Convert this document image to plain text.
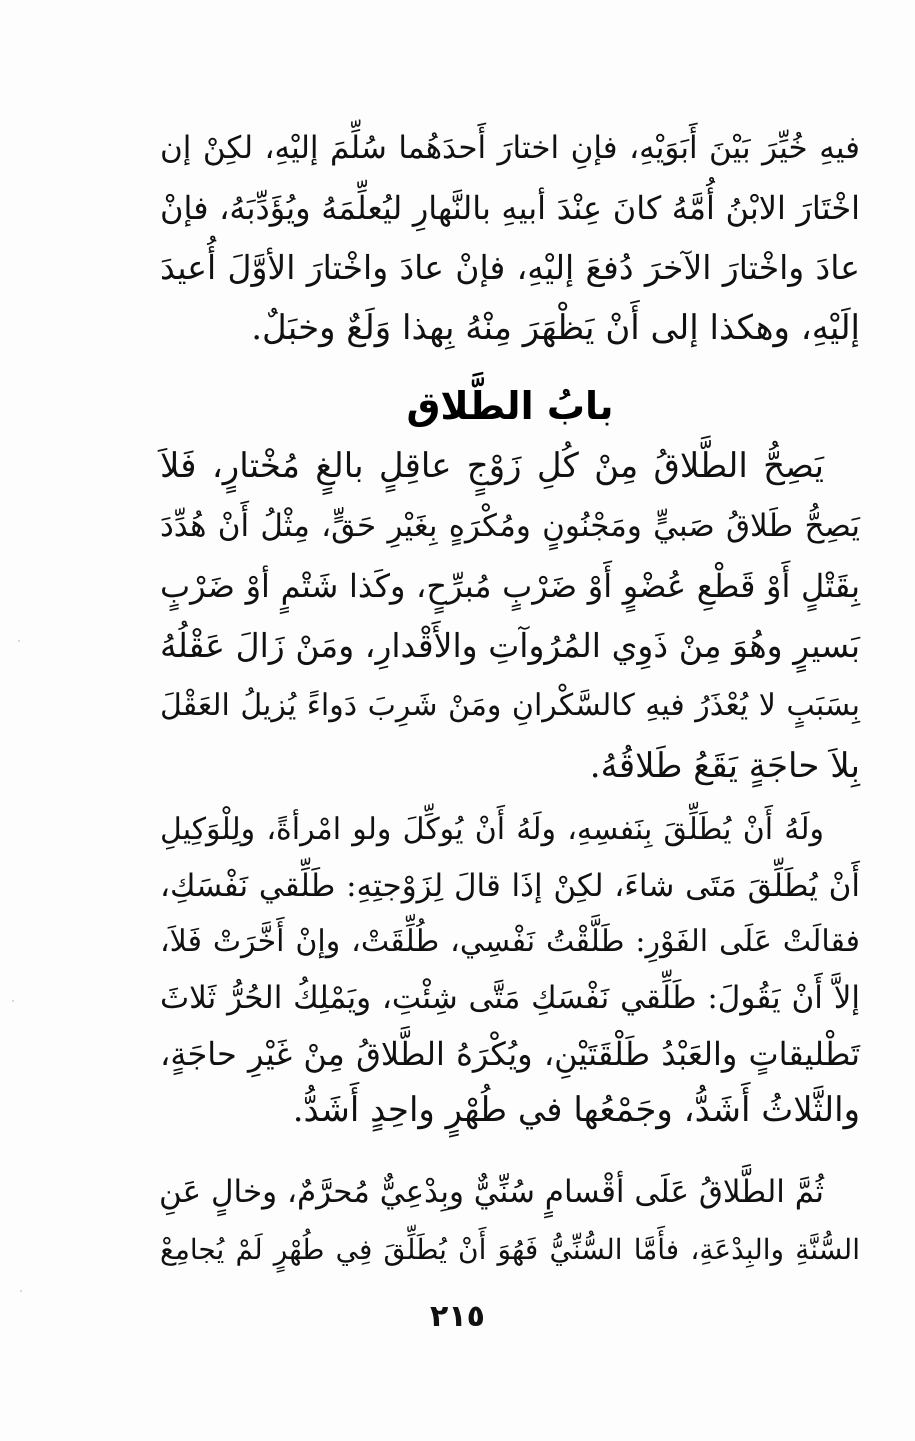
فيهِ خُيِّرَ بَيْنَ أَبَوَيْهِ، فإنِ اختارَ أَحدَهُما سُلِّمَ إليْهِ، لكِنْ إن
اخْتَارَ الابْنُ أُمَّهُ كانَ عِنْدَ أبيهِ بالنَّهارِ ليُعلِّمَهُ ويُؤَدِّبَهُ، فإنْ
عادَ واخْتارَ الآخرَ دُفعَ إليْهِ، فإنْ عادَ واخْتارَ الأوَّلَ أُعيدَ
إلَيْهِ، وهكذا إلى أَنْ يَظْهَرَ مِنْهُ بِهذا وَلَعٌ وخبَلٌ.
بابُ الطَّلاق
يَصِحُّ الطَّلاقُ مِنْ كُلِ زَوْجٍ عاقِلٍ بالغٍ مُخْتارٍ، فَلاَ
يَصِحُّ طَلاقُ صَبيٍّ ومَجْنُونٍ ومُكْرَهٍ بِغَيْرِ حَقٍّ، مِثْلُ أَنْ هُدِّدَ
بِقَتْلٍ أَوْ قَطْعِ عُضْوٍ أَوْ ضَرْبٍ مُبرِّحٍ، وكَذا شَتْمٍ أوْ ضَرْبٍ
بَسيرٍ وهُوَ مِنْ ذَوِي المُرُوآتِ والأَقْدارِ، ومَنْ زَالَ عَقْلُهُ
بِسَبَبٍ لا يُعْذَرُ فيهِ كالسَّكْرانِ ومَنْ شَرِبَ دَواءً يُزيلُ العَقْلَ
بِلاَ حاجَةٍ يَقَعُ طَلاقُهُ.
ولَهُ أَنْ يُطَلِّقَ بِنَفسِهِ، ولَهُ أَنْ يُوكِّلَ ولو امْرأةً، ولِلْوَكِيلِ
أَنْ يُطَلِّقَ مَتَى شاءَ، لكِنْ إذَا قالَ لِزَوْجتِهِ: طَلِّقي نَفْسَكِ،
فقالَتْ عَلَى الفَوْرِ: طَلَّقْتُ نَفْسِي، طُلِّقَتْ، وإنْ أَخَّرَتْ فَلاَ،
إلاَّ أَنْ يَقُولَ: طَلِّقي نَفْسَكِ مَتَّى شِئْتِ، ويَمْلِكُ الحُرُّ ثَلاثَ
تَطْليقاتٍ والعَبْدُ طَلْقَتَيْنِ، ويُكْرَهُ الطَّلاقُ مِنْ غَيْرِ حاجَةٍ،
والثَّلاثُ أَشَدُّ، وجَمْعُها في طُهْرٍ واحِدٍ أَشَدُّ.
ثُمَّ الطَّلاقُ عَلَى أقْسامٍ سُنِّيٌّ وبِدْعِيٌّ مُحرَّمٌ، وخالٍ عَنِ
السُّنَّةِ والبِدْعَةِ، فأَمَّا السُّنِّيُّ فَهُوَ أَنْ يُطَلِّقَ فِي طُهْرٍ لَمْ يُجامِعْ
٢١٥
